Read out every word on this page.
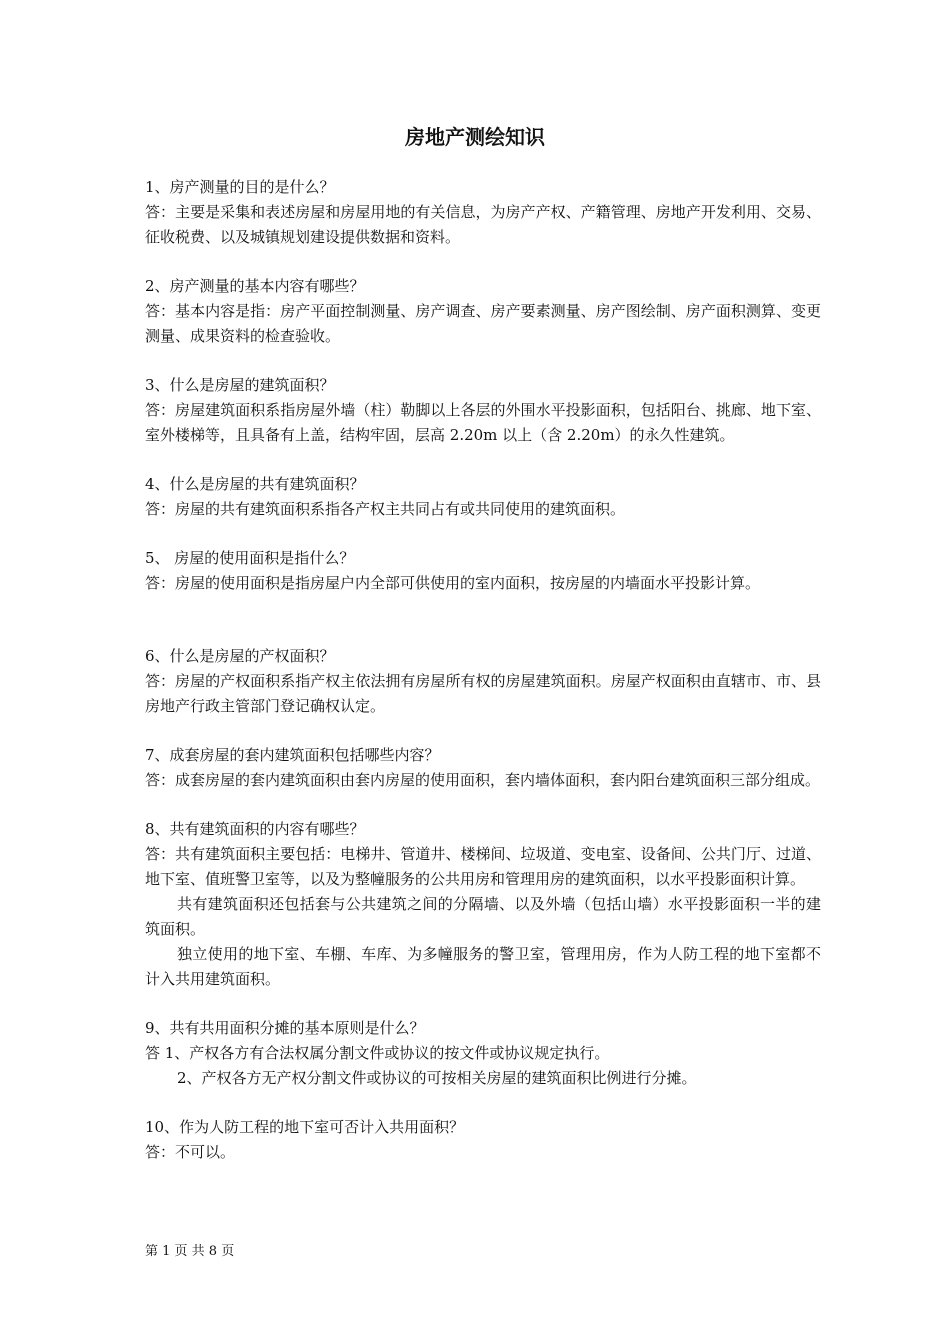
房地产测绘知识

1、房产测量的目的是什么？

答：主要是采集和表述房屋和房屋用地的有关信息，为房产产权、产籍管理、房地产开发利用、交易、征收税费、以及城镇规划建设提供数据和资料。

2、房产测量的基本内容有哪些？

答：基本内容是指：房产平面控制测量、房产调查、房产要素测量、房产图绘制、房产面积测算、变更测量、成果资料的检查验收。

3、什么是房屋的建筑面积？

答：房屋建筑面积系指房屋外墙（柱）勒脚以上各层的外围水平投影面积，包括阳台、挑廊、地下室、室外楼梯等，且具备有上盖，结构牢固，层高 2.20m 以上（含 2.20m）的永久性建筑。

4、什么是房屋的共有建筑面积？

答：房屋的共有建筑面积系指各产权主共同占有或共同使用的建筑面积。

5、 房屋的使用面积是指什么？

答：房屋的使用面积是指房屋户内全部可供使用的室内面积，按房屋的内墙面水平投影计算。

6、什么是房屋的产权面积？

答：房屋的产权面积系指产权主依法拥有房屋所有权的房屋建筑面积。房屋产权面积由直辖市、市、县房地产行政主管部门登记确权认定。

7、成套房屋的套内建筑面积包括哪些内容？

答：成套房屋的套内建筑面积由套内房屋的使用面积，套内墙体面积，套内阳台建筑面积三部分组成。

8、共有建筑面积的内容有哪些？

答：共有建筑面积主要包括：电梯井、管道井、楼梯间、垃圾道、变电室、设备间、公共门厅、过道、地下室、值班警卫室等，以及为整幢服务的公共用房和管理用房的建筑面积，以水平投影面积计算。

共有建筑面积还包括套与公共建筑之间的分隔墙、以及外墙（包括山墙）水平投影面积一半的建筑面积。

独立使用的地下室、车棚、车库、为多幢服务的警卫室，管理用房，作为人防工程的地下室都不计入共用建筑面积。

9、共有共用面积分摊的基本原则是什么？

答 1、产权各方有合法权属分割文件或协议的按文件或协议规定执行。

2、产权各方无产权分割文件或协议的可按相关房屋的建筑面积比例进行分摊。

10、作为人防工程的地下室可否计入共用面积？

答：不可以。

第 1 页 共 8 页
